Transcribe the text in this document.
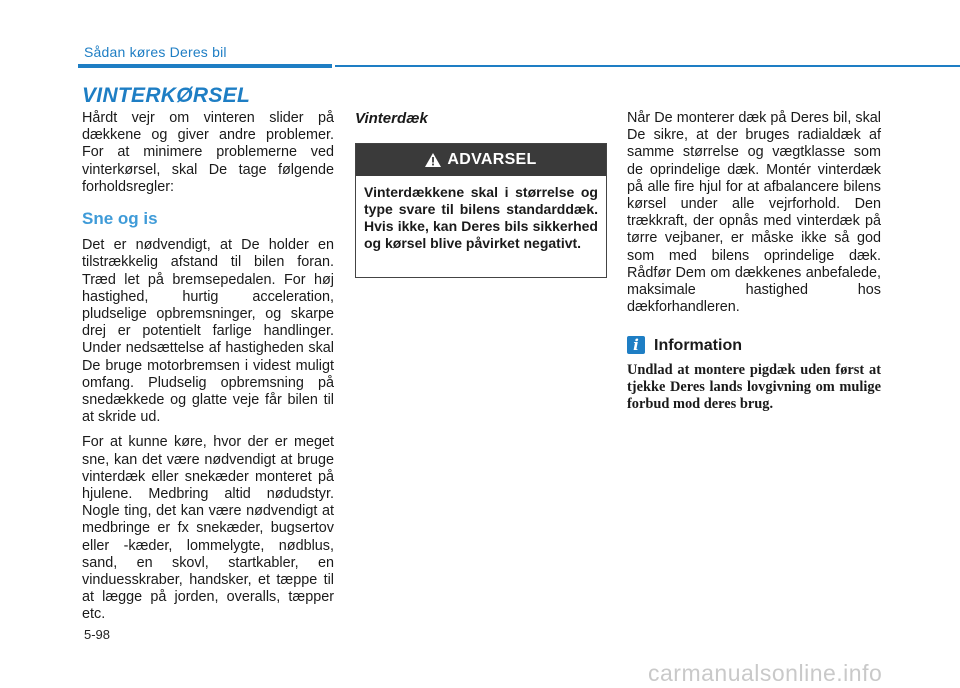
Sådan køres Deres bil
VINTERKØRSEL

Hårdt vejr om vinteren slider på dækkene og giver andre problemer. For at minimere problemerne ved vinterkørsel, skal De tage følgende forholdsregler:

Sne og is

Det er nødvendigt, at De holder en tilstrækkelig afstand til bilen foran. Træd let på bremsepedalen. For høj hastighed, hurtig acceleration, pludselige opbremsninger, og skarpe drej er potentielt farlige handlinger. Under nedsættelse af hastigheden skal De bruge motorbremsen i videst muligt omfang. Pludselig opbremsning på snedækkede og glatte veje får bilen til at skride ud.

For at kunne køre, hvor der er meget sne, kan det være nødvendigt at bruge vinterdæk eller snekæder monteret på hjulene. Medbring altid nødudstyr. Nogle ting, det kan være nødvendigt at medbringe er fx snekæder, bugsertov eller -kæder, lommelygte, nødblus, sand, en skovl, startkabler, en vinduesskraber, handsker, et tæppe til at lægge på jorden, overalls, tæpper etc.

Vinterdæk
ADVARSEL
Vinterdækkene skal i størrelse og type svare til bilens standarddæk. Hvis ikke, kan Deres bils sikkerhed og kørsel blive påvirket negativt.

Når De monterer dæk på Deres bil, skal De sikre, at der bruges radialdæk af samme størrelse og vægtklasse som de oprindelige dæk. Montér vinterdæk på alle fire hjul for at afbalancere bilens kørsel under alle vejrforhold. Den trækkraft, der opnås med vinterdæk på tørre vejbaner, er måske ikke så god som med bilens oprindelige dæk. Rådfør Dem om dækkenes anbefalede, maksimale hastighed hos dækforhandleren.

i Information
Undlad at montere pigdæk uden først at tjekke Deres lands lovgivning om mulige forbud mod deres brug.
5-98
carmanualsonline.info
